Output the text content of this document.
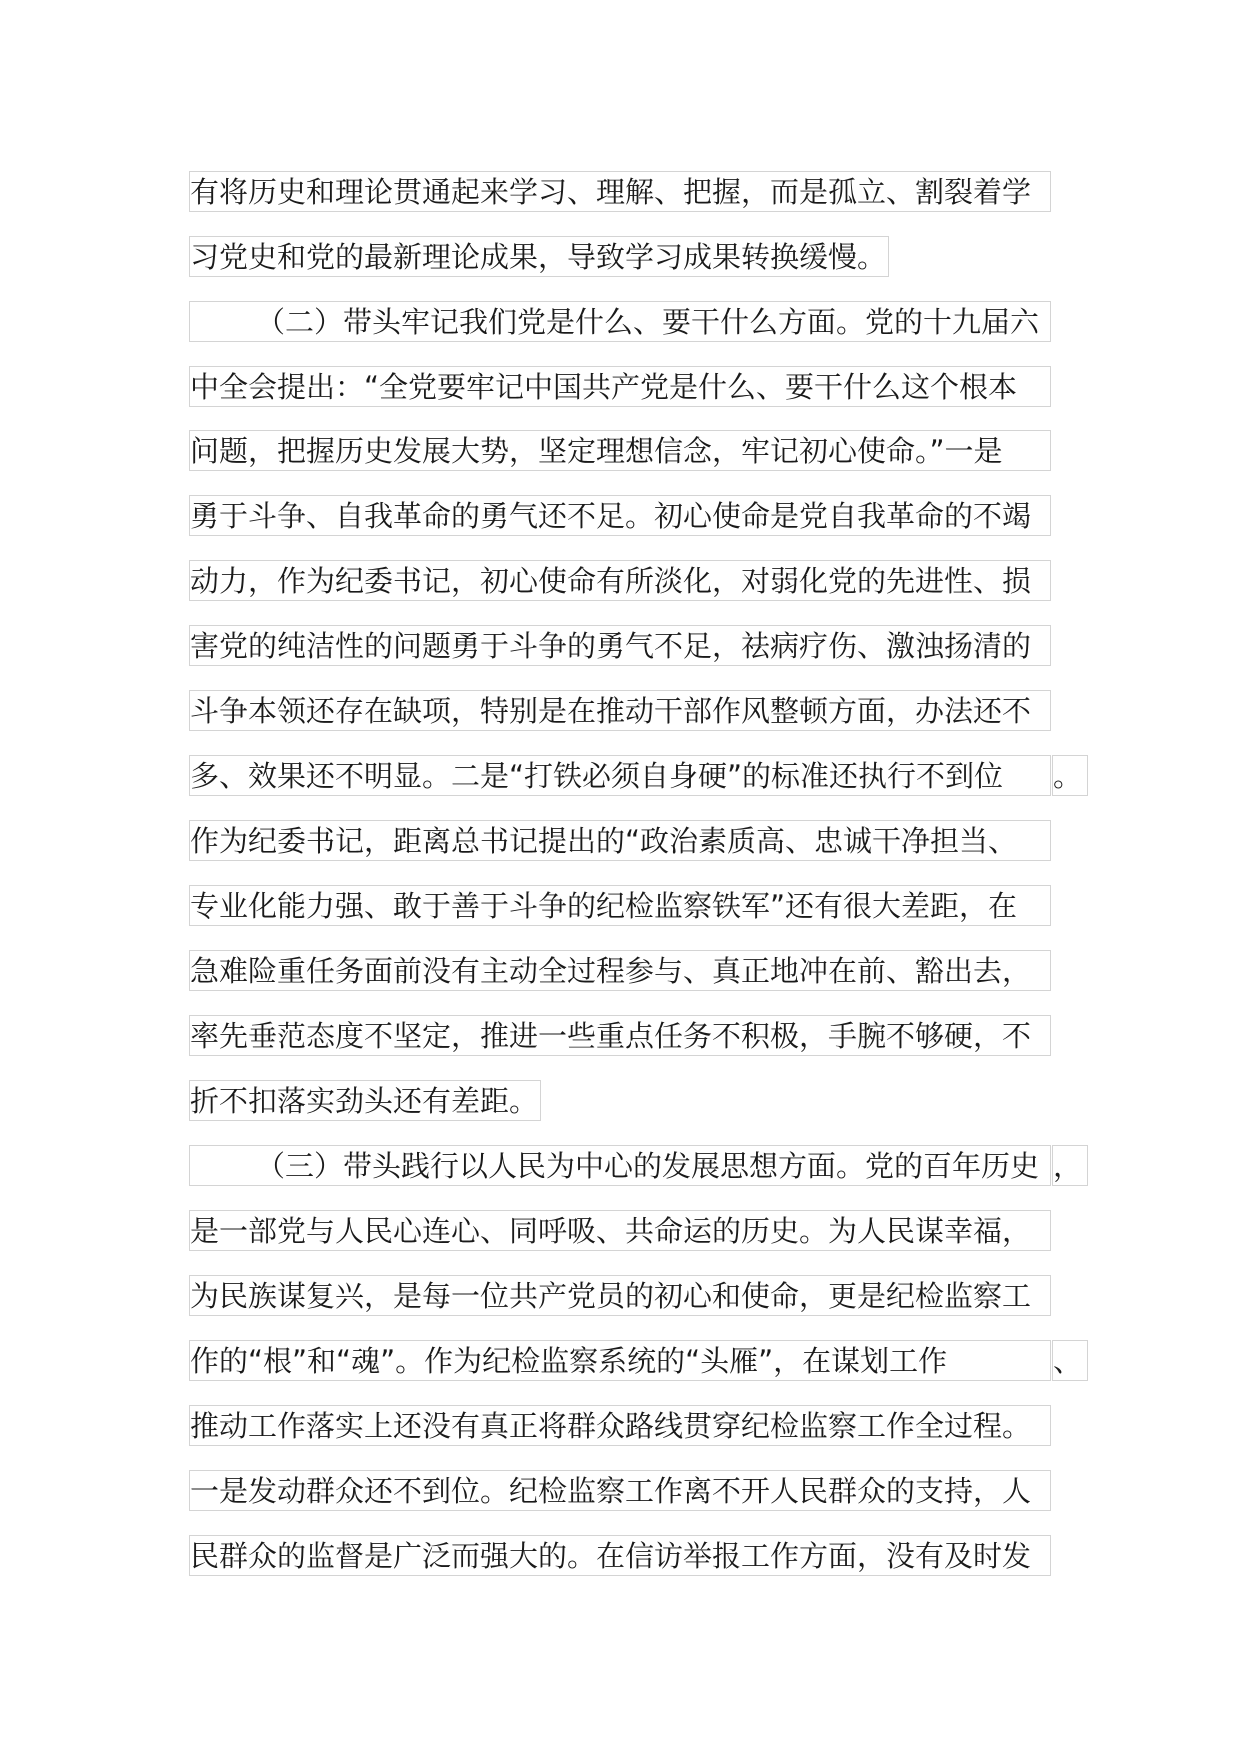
有将历史和理论贯通起来学习、理解、把握，而是孤立、割裂着学
习党史和党的最新理论成果，导致学习成果转换缓慢。
（二）带头牢记我们党是什么、要干什么方面。党的十九届六
中全会提出：“全党要牢记中国共产党是什么、要干什么这个根本
问题，把握历史发展大势，坚定理想信念，牢记初心使命。”一是
勇于斗争、自我革命的勇气还不足。初心使命是党自我革命的不竭
动力，作为纪委书记，初心使命有所淡化，对弱化党的先进性、损
害党的纯洁性的问题勇于斗争的勇气不足，祛病疗伤、激浊扬清的
斗争本领还存在缺项，特别是在推动干部作风整顿方面，办法还不
多、效果还不明显。二是“打铁必须自身硬”的标准还执行不到位	。
作为纪委书记，距离总书记提出的“政治素质高、忠诚干净担当、
专业化能力强、敢于善于斗争的纪检监察铁军”还有很大差距，在
急难险重任务面前没有主动全过程参与、真正地冲在前、豁出去，
率先垂范态度不坚定，推进一些重点任务不积极，手腕不够硬，不
折不扣落实劲头还有差距。
（三）带头践行以人民为中心的发展思想方面。党的百年历史 ，
是一部党与人民心连心、同呼吸、共命运的历史。为人民谋幸福，
为民族谋复兴，是每一位共产党员的初心和使命，更是纪检监察工
作的“根”和“魂”。作为纪检监察系统的“头雁”，在谋划工作	、
推动工作落实上还没有真正将群众路线贯穿纪检监察工作全过程。
一是发动群众还不到位。纪检监察工作离不开人民群众的支持，人
民群众的监督是广泛而强大的。在信访举报工作方面，没有及时发
